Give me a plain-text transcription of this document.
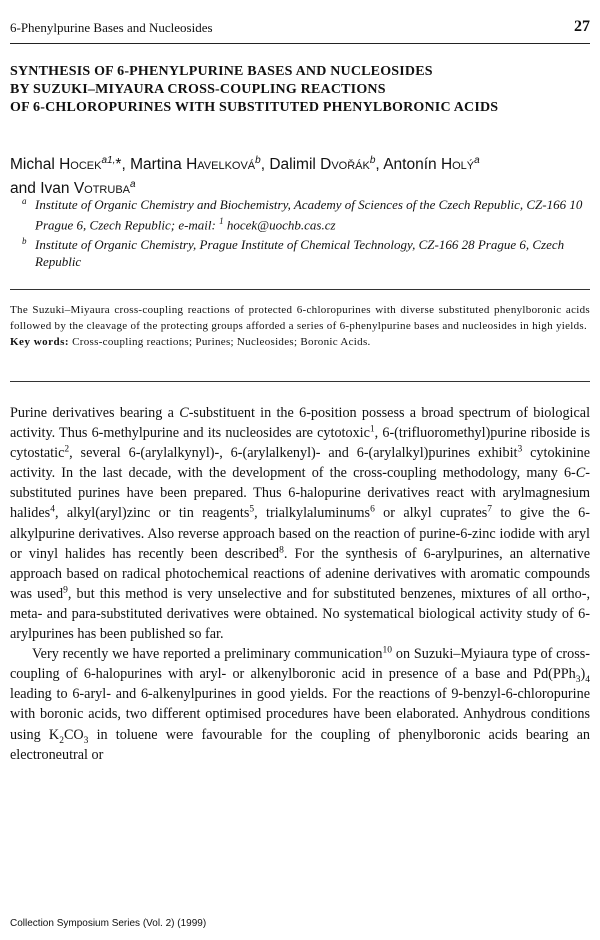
6-Phenylpurine Bases and Nucleosides	27
SYNTHESIS OF 6-PHENYLPURINE BASES AND NUCLEOSIDES
BY SUZUKI–MIYAURA CROSS-COUPLING REACTIONS
OF 6-CHLOROPURINES WITH SUBSTITUTED PHENYLBORONIC ACIDS
Michal Hocek$^{a1,}$*, Martina Havelková$^b$, Dalimil Dvořák$^b$, Antonín Holý$^a$
and Ivan Votruba$^a$
a Institute of Organic Chemistry and Biochemistry, Academy of Sciences of the Czech Republic, CZ-166 10 Prague 6, Czech Republic; e-mail: $^1$ hocek@uochb.cas.cz
b Institute of Organic Chemistry, Prague Institute of Chemical Technology, CZ-166 28 Prague 6, Czech Republic
The Suzuki–Miyaura cross-coupling reactions of protected 6-chloropurines with diverse substituted phenylboronic acids followed by the cleavage of the protecting groups afforded a series of 6-phenylpurine bases and nucleosides in high yields.
Key words: Cross-coupling reactions; Purines; Nucleosides; Boronic Acids.

Purine derivatives bearing a C-substituent in the 6-position possess a broad spectrum of biological activity. Thus 6-methylpurine and its nucleosides are cytotoxic$^1$, 6-(trifluoromethyl)purine riboside is cytostatic$^2$, several 6-(arylalkynyl)-, 6-(arylalkenyl)- and 6-(arylalkyl)purines exhibit$^3$ cytokinine activity. In the last decade, with the development of the cross-coupling methodology, many 6-C-substituted purines have been prepared. Thus 6-halopurine derivatives react with arylmagnesium halides$^4$, alkyl(aryl)zinc or tin reagents$^5$, trialkylaluminums$^6$ or alkyl cuprates$^7$ to give the 6-alkylpurine derivatives. Also reverse approach based on the reaction of purine-6-zinc iodide with aryl or vinyl halides has recently been described$^8$. For the synthesis of 6-arylpurines, an alternative approach based on radical photochemical reactions of adenine derivatives with aromatic compounds was used$^9$, but this method is very unselective and for substituted benzenes, mixtures of all ortho-, meta- and para-substituted derivatives were obtained. No systematical biological activity study of 6-arylpurines has been published so far.

Very recently we have reported a preliminary communication$^{10}$ on Suzuki–Myiaura type of cross-coupling of 6-halopurines with aryl- or alkenylboronic acid in presence of a base and $Pd(PPh_3)_4$ leading to 6-aryl- and 6-alkenylpurines in good yields. For the reactions of 9-benzyl-6-chloropurine with boronic acids, two different optimised procedures have been elaborated. Anhydrous conditions using $K_2CO_3$ in toluene were favourable for the coupling of phenylboronic acids bearing an electroneutral or

Collection Symposium Series (Vol. 2) (1999)
